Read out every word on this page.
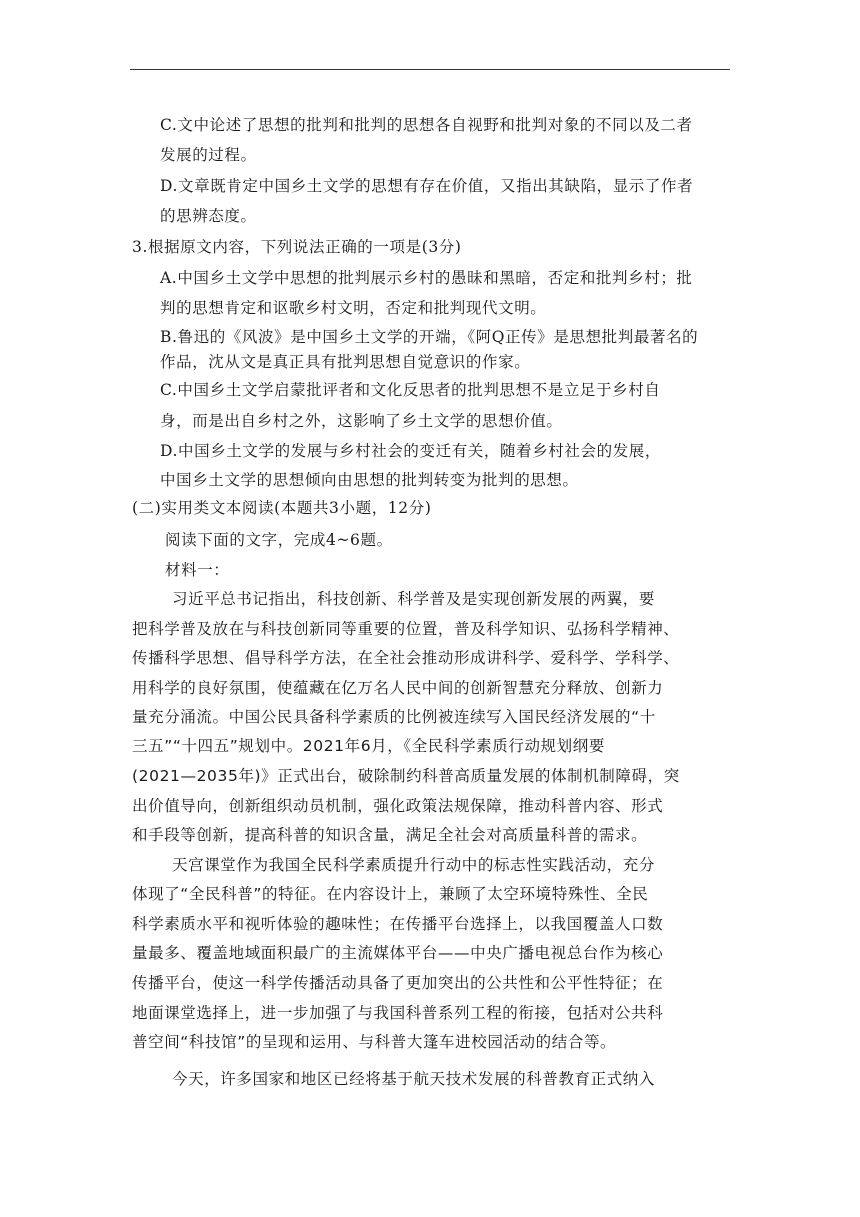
C.文中论述了思想的批判和批判的思想各自视野和批判对象的不同以及二者
发展的过程。
D.文章既肯定中国乡土文学的思想有存在价值，又指出其缺陷，显示了作者
的思辨态度。
3.根据原文内容，下列说法正确的一项是(3分)
A.中国乡土文学中思想的批判展示乡村的愚昧和黑暗，否定和批判乡村；批
判的思想肯定和讴歌乡村文明，否定和批判现代文明。
B.鲁迅的《风波》是中国乡土文学的开端，《阿Q正传》是思想批判最著名的
作品，沈从文是真正具有批判思想自觉意识的作家。
C.中国乡土文学启蒙批评者和文化反思者的批判思想不是立足于乡村自
身，而是出自乡村之外，这影响了乡土文学的思想价值。
D.中国乡土文学的发展与乡村社会的变迁有关，随着乡村社会的发展，
中国乡土文学的思想倾向由思想的批判转变为批判的思想。
(二)实用类文本阅读(本题共3小题，12分)
阅读下面的文字，完成4~6题。
材料一：
习近平总书记指出，科技创新、科学普及是实现创新发展的两翼，要
把科学普及放在与科技创新同等重要的位置，普及科学知识、弘扬科学精神、
传播科学思想、倡导科学方法，在全社会推动形成讲科学、爱科学、学科学、
用科学的良好氛围，使蕴藏在亿万名人民中间的创新智慧充分释放、创新力
量充分涌流。中国公民具备科学素质的比例被连续写入国民经济发展的“十
三五”“十四五”规划中。2021年6月，《全民科学素质行动规划纲要
(2021—2035年)》正式出台，破除制约科普高质量发展的体制机制障碍，突
出价值导向，创新组织动员机制，强化政策法规保障，推动科普内容、形式
和手段等创新，提高科普的知识含量，满足全社会对高质量科普的需求。
天宫课堂作为我国全民科学素质提升行动中的标志性实践活动，充分
体现了“全民科普”的特征。在内容设计上，兼顾了太空环境特殊性、全民
科学素质水平和视听体验的趣味性；在传播平台选择上，以我国覆盖人口数
量最多、覆盖地域面积最广的主流媒体平台——中央广播电视总台作为核心
传播平台，使这一科学传播活动具备了更加突出的公共性和公平性特征；在
地面课堂选择上，进一步加强了与我国科普系列工程的衔接，包括对公共科
普空间“科技馆”的呈现和运用、与科普大篷车进校园活动的结合等。
今天，许多国家和地区已经将基于航天技术发展的科普教育正式纳入
